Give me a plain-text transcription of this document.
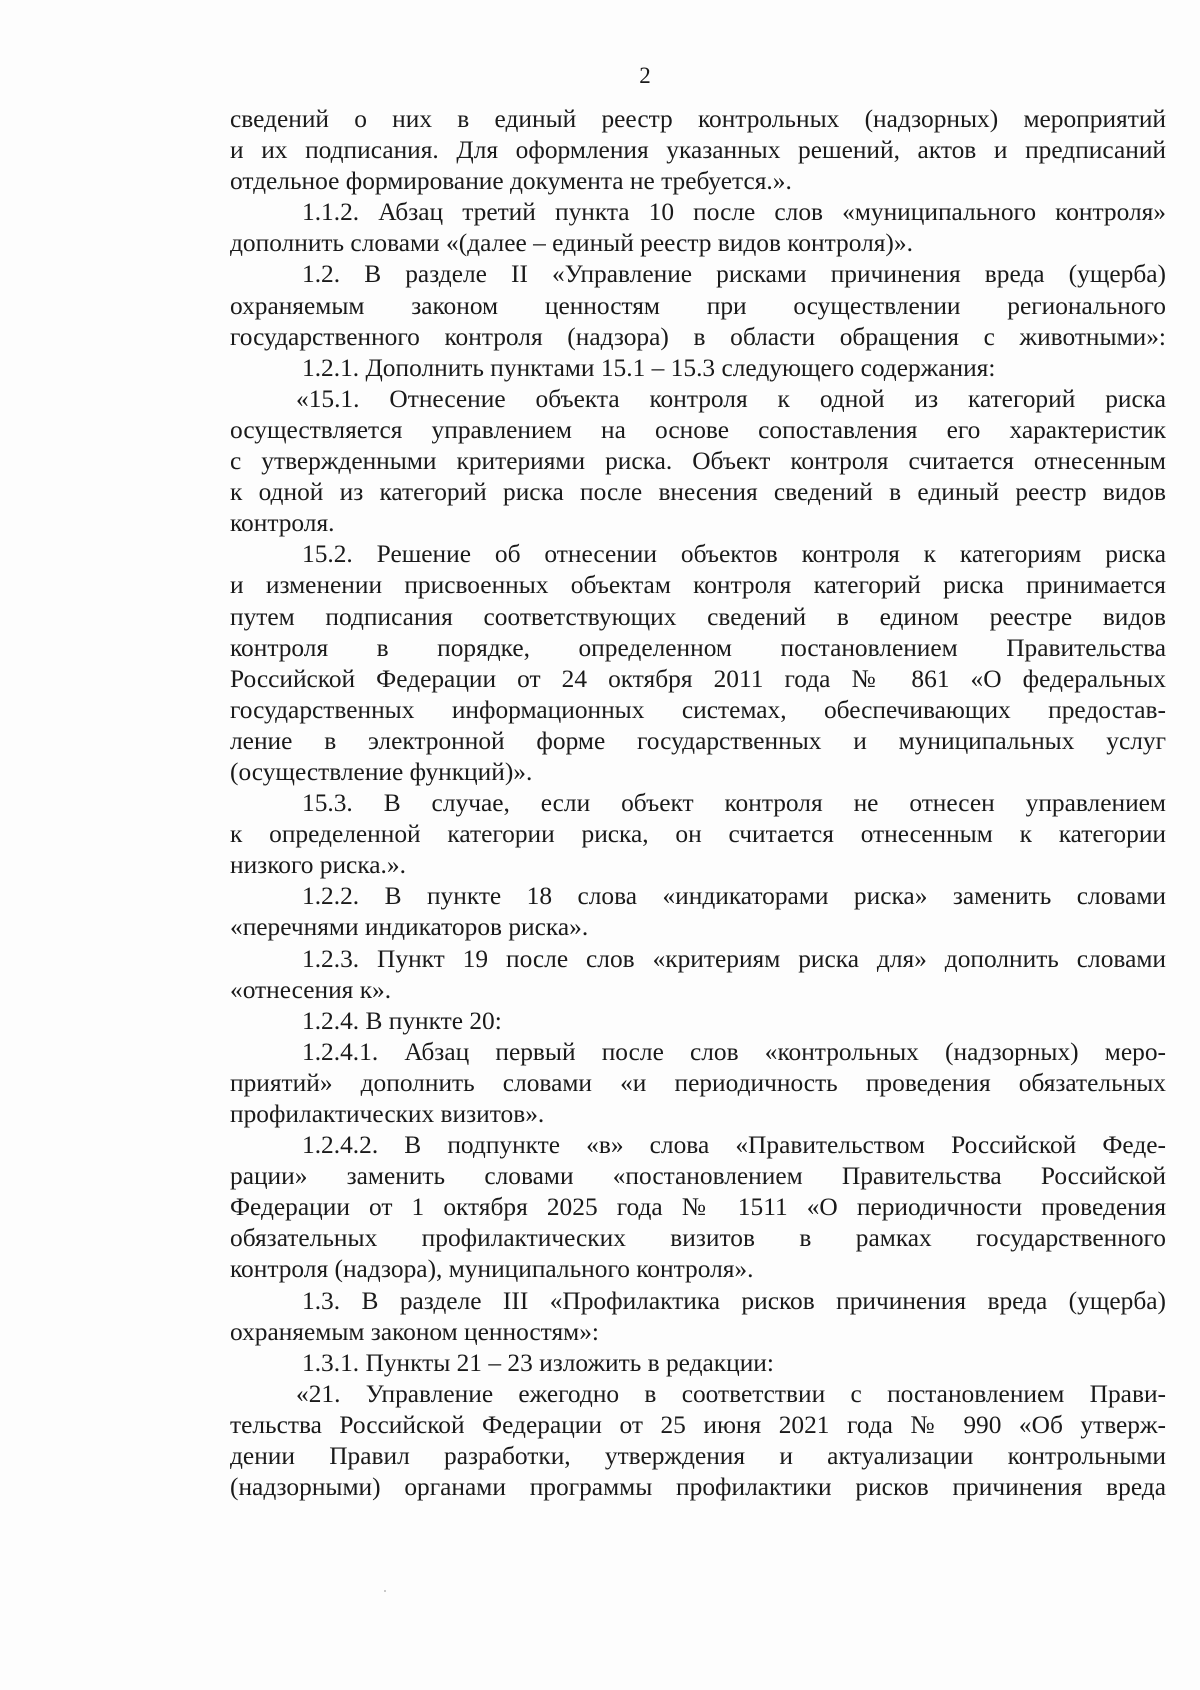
2
сведений о них в единый реестр контрольных (надзорных) мероприятий
и их подписания. Для оформления указанных решений, актов и предписаний
отдельное формирование документа не требуется.».
1.1.2. Абзац третий пункта 10 после слов «муниципального контроля»
дополнить словами «(далее – единый реестр видов контроля)».
1.2. В разделе II «Управление рисками причинения вреда (ущерба)
охраняемым законом ценностям при осуществлении регионального
государственного контроля (надзора) в области обращения с животными»:
1.2.1. Дополнить пунктами 15.1 – 15.3 следующего содержания:
«15.1. Отнесение объекта контроля к одной из категорий риска
осуществляется управлением на основе сопоставления его характеристик
с утвержденными критериями риска. Объект контроля считается отнесенным
к одной из категорий риска после внесения сведений в единый реестр видов
контроля.
15.2. Решение об отнесении объектов контроля к категориям риска
и изменении присвоенных объектам контроля категорий риска принимается
путем подписания соответствующих сведений в едином реестре видов
контроля в порядке, определенном постановлением Правительства
Российской Федерации от 24 октября 2011 года № 861 «О федеральных
государственных информационных системах, обеспечивающих предостав-
ление в электронной форме государственных и муниципальных услуг
(осуществление функций)».
15.3. В случае, если объект контроля не отнесен управлением
к определенной категории риска, он считается отнесенным к категории
низкого риска.».
1.2.2. В пункте 18 слова «индикаторами риска» заменить словами
«перечнями индикаторов риска».
1.2.3. Пункт 19 после слов «критериям риска для» дополнить словами
«отнесения к».
1.2.4. В пункте 20:
1.2.4.1. Абзац первый после слов «контрольных (надзорных) меро-
приятий» дополнить словами «и периодичность проведения обязательных
профилактических визитов».
1.2.4.2. В подпункте «в» слова «Правительством Российской Феде-
рации» заменить словами «постановлением Правительства Российской
Федерации от 1 октября 2025 года № 1511 «О периодичности проведения
обязательных профилактических визитов в рамках государственного
контроля (надзора), муниципального контроля».
1.3. В разделе III «Профилактика рисков причинения вреда (ущерба)
охраняемым законом ценностям»:
1.3.1. Пункты 21 – 23 изложить в редакции:
«21. Управление ежегодно в соответствии с постановлением Прави-
тельства Российской Федерации от 25 июня 2021 года № 990 «Об утверж-
дении Правил разработки, утверждения и актуализации контрольными
(надзорными) органами программы профилактики рисков причинения вреда
